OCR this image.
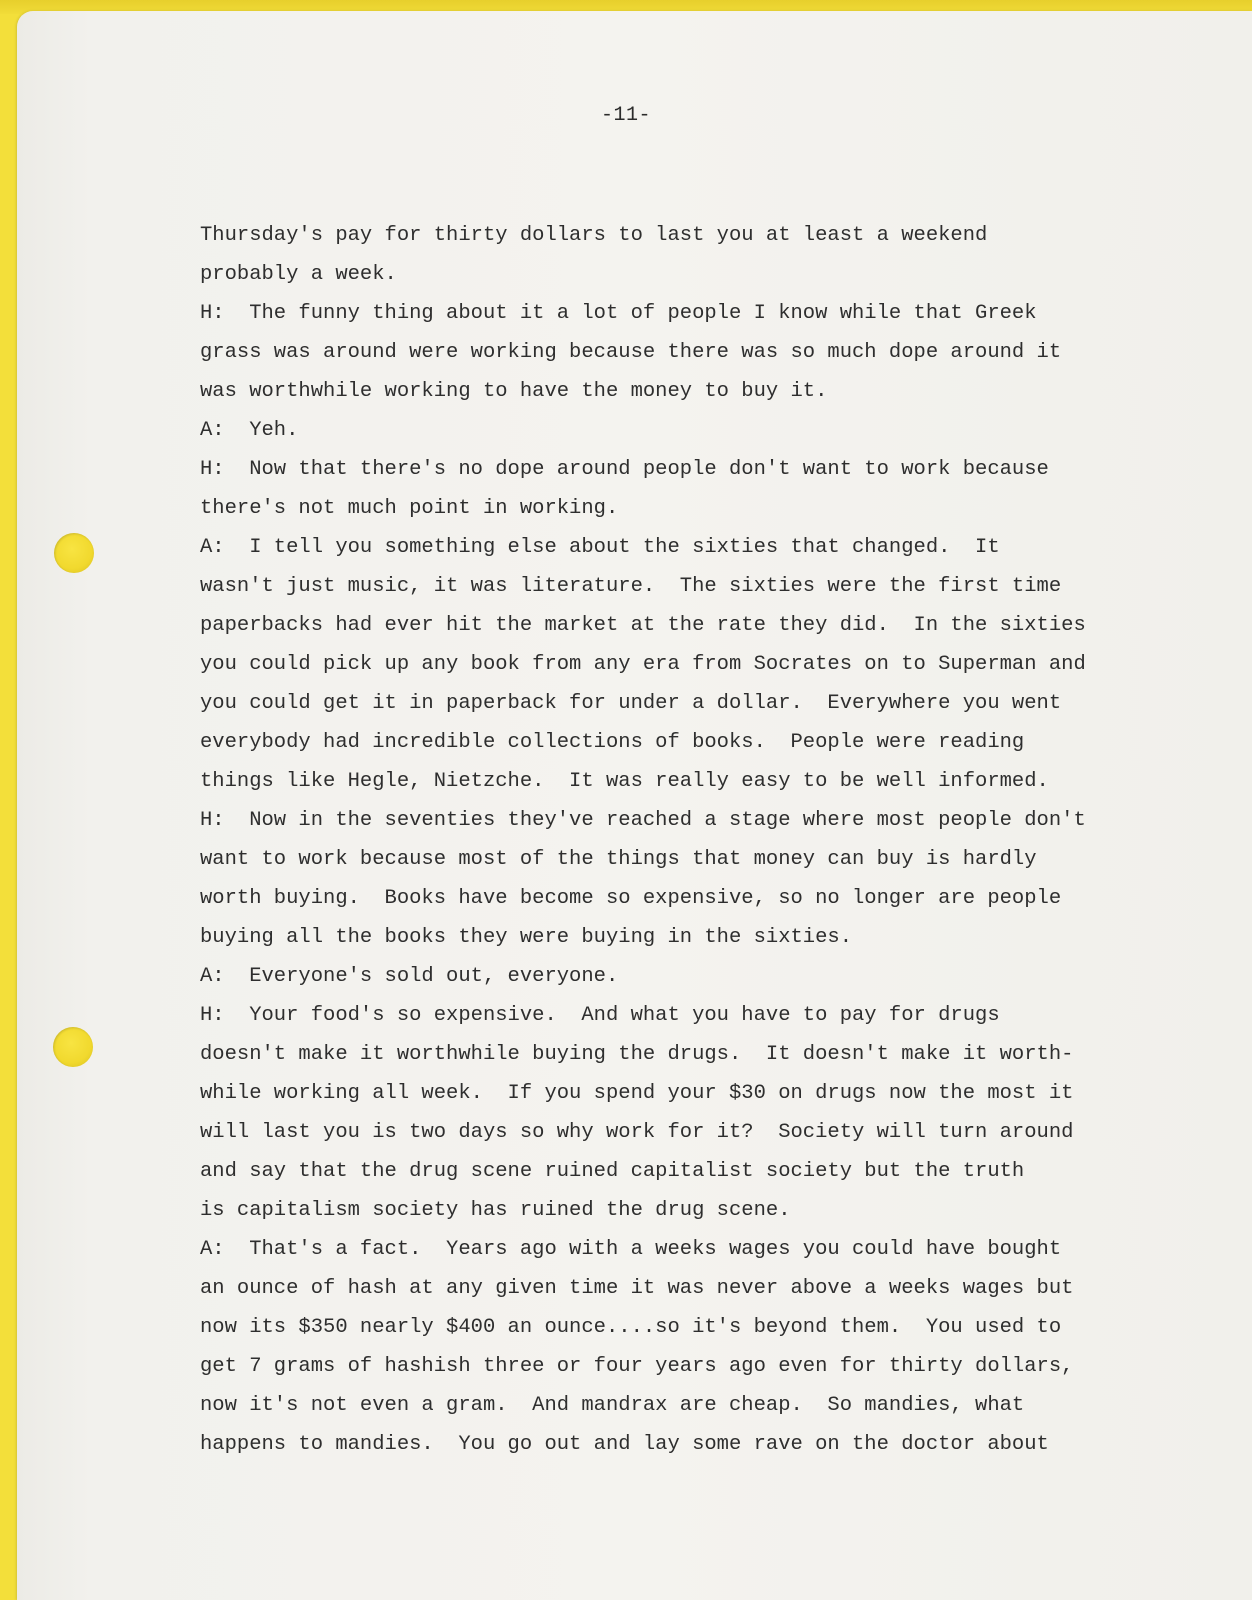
-11-
Thursday's pay for thirty dollars to last you at least a weekend
probably a week.
H:  The funny thing about it a lot of people I know while that Greek
grass was around were working because there was so much dope around it
was worthwhile working to have the money to buy it.
A:  Yeh.
H:  Now that there's no dope around people don't want to work because
there's not much point in working.
A:  I tell you something else about the sixties that changed.  It
wasn't just music, it was literature.  The sixties were the first time
paperbacks had ever hit the market at the rate they did.  In the sixties
you could pick up any book from any era from Socrates on to Superman and
you could get it in paperback for under a dollar.  Everywhere you went
everybody had incredible collections of books.  People were reading
things like Hegle, Nietzche.  It was really easy to be well informed.
H:  Now in the seventies they've reached a stage where most people don't
want to work because most of the things that money can buy is hardly
worth buying.  Books have become so expensive, so no longer are people
buying all the books they were buying in the sixties.
A:  Everyone's sold out, everyone.
H:  Your food's so expensive.  And what you have to pay for drugs
doesn't make it worthwhile buying the drugs.  It doesn't make it worth-
while working all week.  If you spend your $30 on drugs now the most it
will last you is two days so why work for it?  Society will turn around
and say that the drug scene ruined capitalist society but the truth
is capitalism society has ruined the drug scene.
A:  That's a fact.  Years ago with a weeks wages you could have bought
an ounce of hash at any given time it was never above a weeks wages but
now its $350 nearly $400 an ounce....so it's beyond them.  You used to
get 7 grams of hashish three or four years ago even for thirty dollars,
now it's not even a gram.  And mandrax are cheap.  So mandies, what
happens to mandies.  You go out and lay some rave on the doctor about
